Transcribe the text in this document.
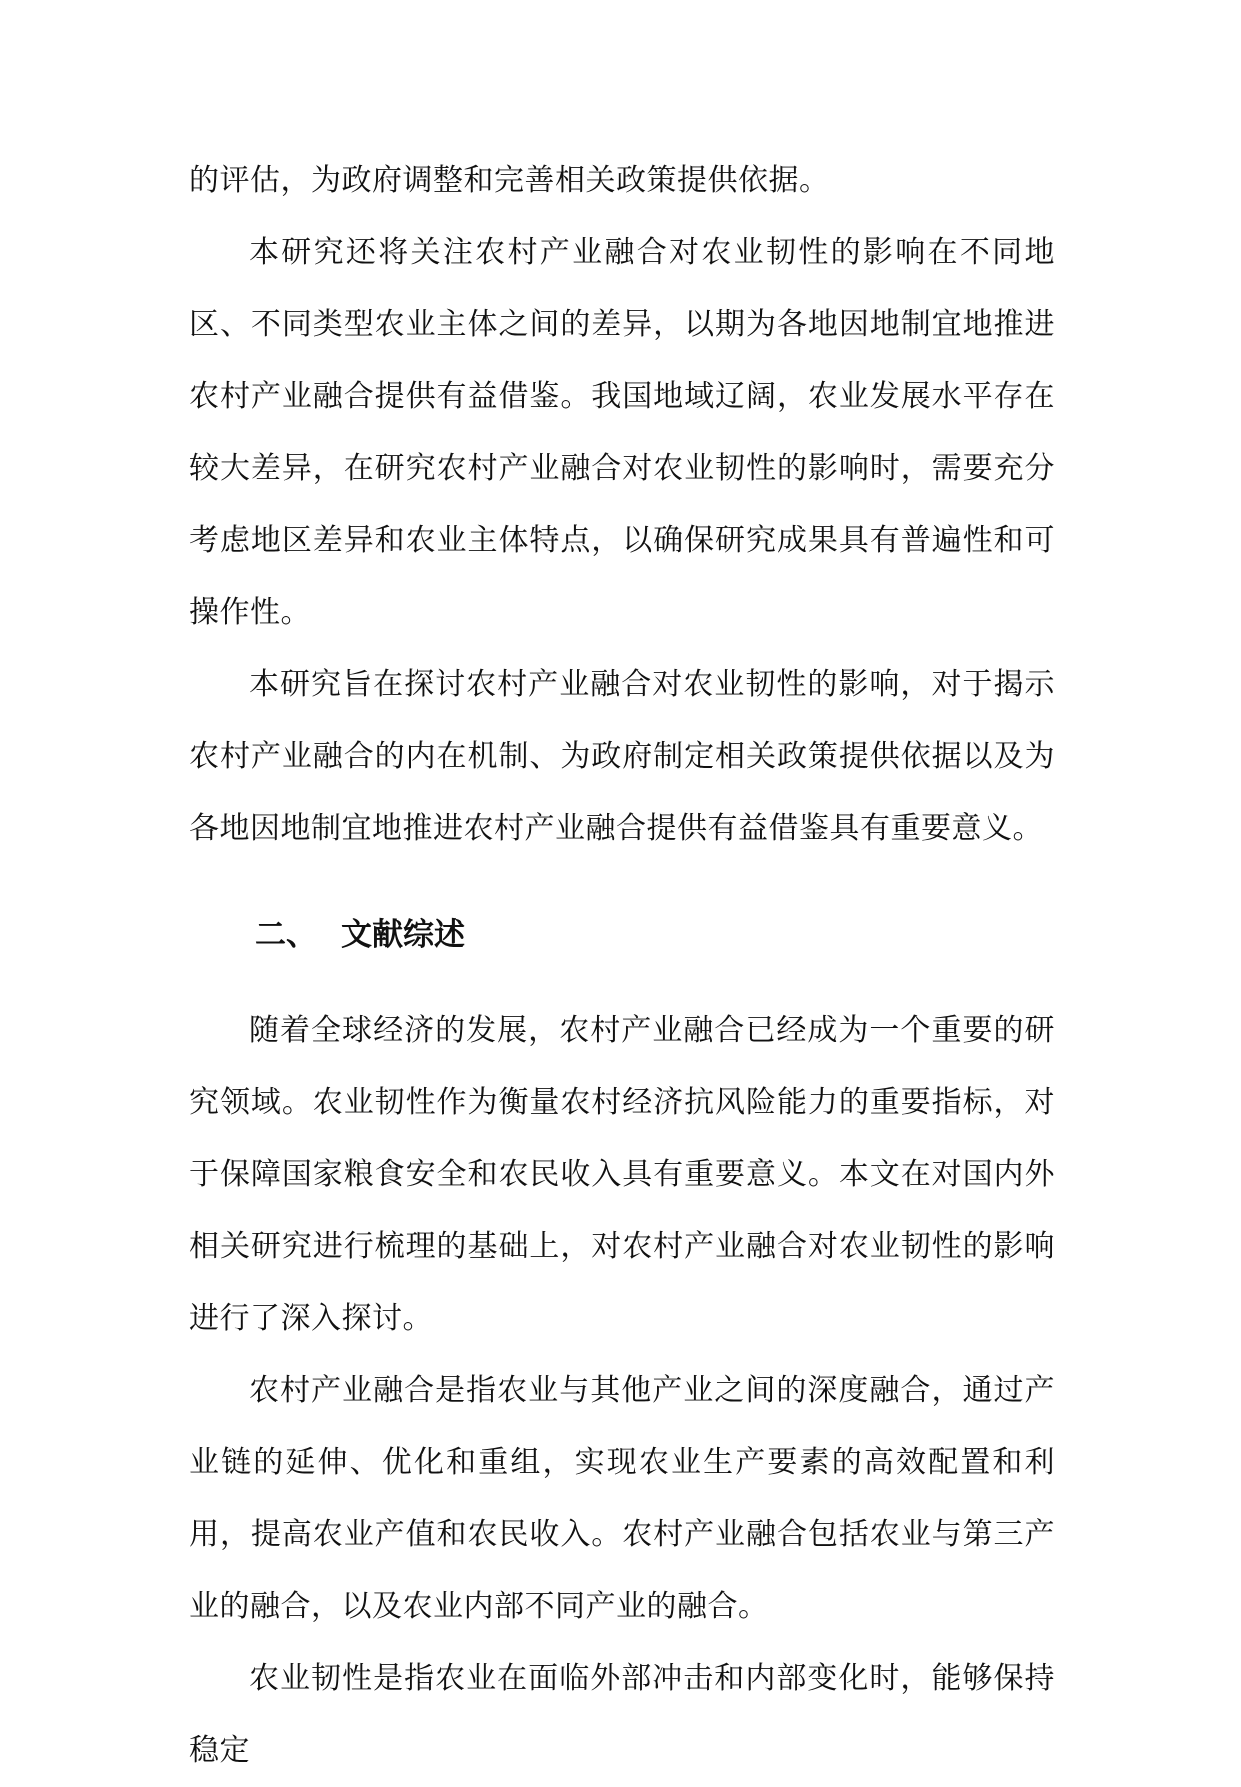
的评估，为政府调整和完善相关政策提供依据。

本研究还将关注农村产业融合对农业韧性的影响在不同地区、不同类型农业主体之间的差异，以期为各地因地制宜地推进农村产业融合提供有益借鉴。我国地域辽阔，农业发展水平存在较大差异，在研究农村产业融合对农业韧性的影响时，需要充分考虑地区差异和农业主体特点，以确保研究成果具有普遍性和可操作性。

本研究旨在探讨农村产业融合对农业韧性的影响，对于揭示农村产业融合的内在机制、为政府制定相关政策提供依据以及为各地因地制宜地推进农村产业融合提供有益借鉴具有重要意义。

二、 文献综述

随着全球经济的发展，农村产业融合已经成为一个重要的研究领域。农业韧性作为衡量农村经济抗风险能力的重要指标，对于保障国家粮食安全和农民收入具有重要意义。本文在对国内外相关研究进行梳理的基础上，对农村产业融合对农业韧性的影响进行了深入探讨。

农村产业融合是指农业与其他产业之间的深度融合，通过产业链的延伸、优化和重组，实现农业生产要素的高效配置和利用，提高农业产值和农民收入。农村产业融合包括农业与第三产业的融合，以及农业内部不同产业的融合。

农业韧性是指农业在面临外部冲击和内部变化时，能够保持稳定
